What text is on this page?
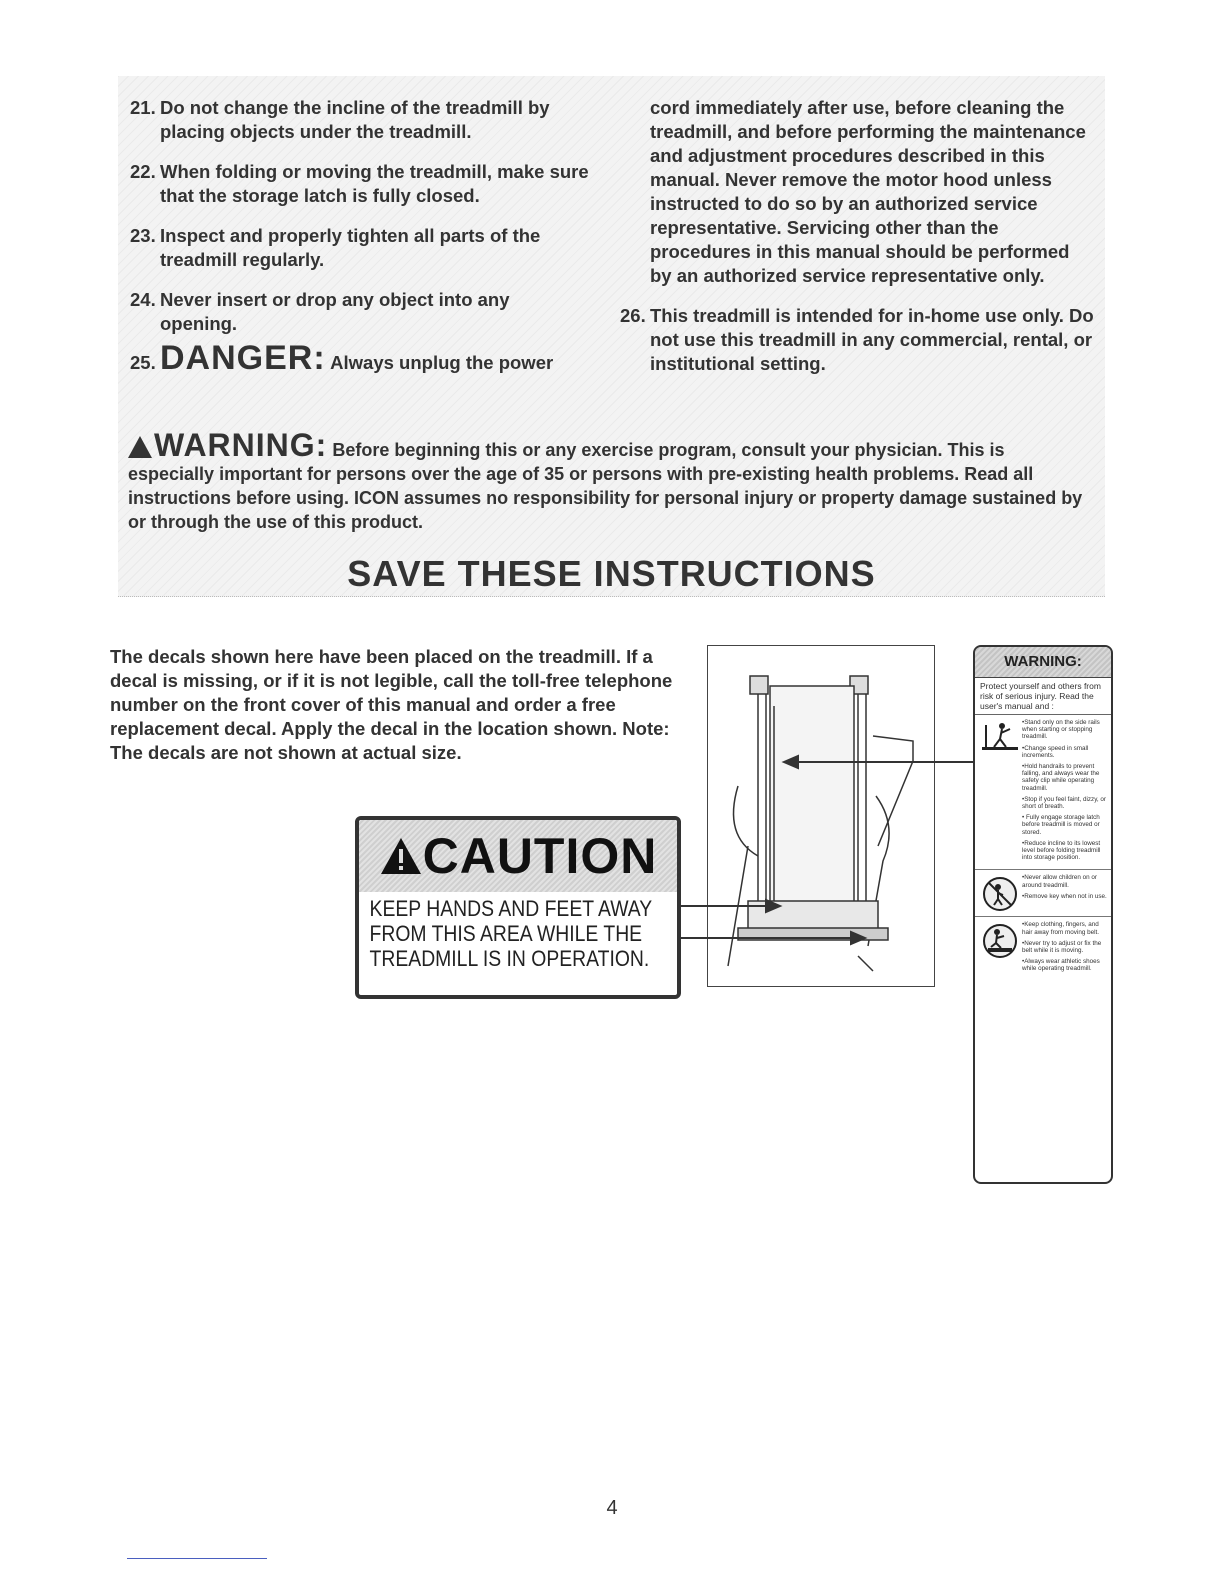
21. Do not change the incline of the treadmill by placing objects under the treadmill.
22. When folding or moving the treadmill, make sure that the storage latch is fully closed.
23. Inspect and properly tighten all parts of the treadmill regularly.
24. Never insert or drop any object into any opening.
25. DANGER: Always unplug the power
cord immediately after use, before cleaning the treadmill, and before performing the maintenance and adjustment procedures described in this manual. Never remove the motor hood unless instructed to do so by an authorized service representative. Servicing other than the procedures in this manual should be performed by an authorized service representative only.
26. This treadmill is intended for in-home use only. Do not use this treadmill in any commercial, rental, or institutional setting.
WARNING: Before beginning this or any exercise program, consult your physician. This is especially important for persons over the age of 35 or persons with pre-existing health problems. Read all instructions before using. ICON assumes no responsibility for personal injury or property damage sustained by or through the use of this product.
SAVE THESE INSTRUCTIONS
The decals shown here have been placed on the treadmill. If a decal is missing, or if it is not legible, call the toll-free telephone number on the front cover of this manual and order a free replacement decal. Apply the decal in the location shown. Note: The decals are not shown at actual size.
CAUTION
KEEP HANDS AND FEET AWAY FROM THIS AREA WHILE THE TREADMILL IS IN OPERATION.
WARNING:
Protect yourself and others from risk of serious injury. Read the user's manual and :
•Stand only on the side rails when starting or stopping treadmill.
•Change speed in small increments.
•Hold handrails to prevent falling, and always wear the safety clip while operating treadmill.
•Stop if you feel faint, dizzy, or short of breath.
• Fully engage storage latch before treadmill is moved or stored.
•Reduce incline to its lowest level before folding treadmill into storage position.
•Never allow children on or around treadmill.
•Remove key when not in use.
•Keep clothing, fingers, and hair away from moving belt.
•Never try to adjust or fix the belt while it is moving.
•Always wear athletic shoes while operating treadmill.
4
